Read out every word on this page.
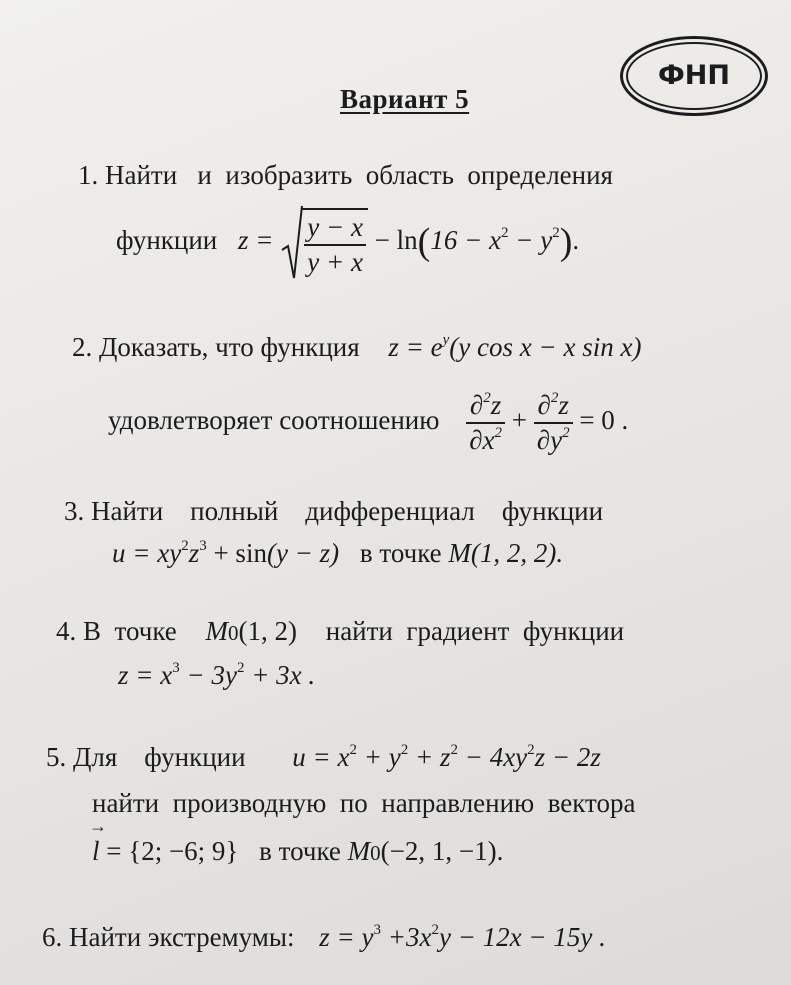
Вариант 5
ФНП
1. Найти   и  изобразить  область  определения
функции $z = \frac{y - x}{y + x} - \ln(16 - x^2 - y^2)$.
2. Доказать, что функция $z = e^y(y$ cos x − x sin x)
удовлетворяет соотношению $\frac{\partial^2z}{\partial x^2} + \frac{\partial^2z}{\partial y^2} = 0$ .
3. Найти    полный    дифференциал    функции
$u = xy^2z^3 + \sin(y - z)$ в точке M(1, 2, 2).
4. В  точке M0(1, 2) найти  градиент  функции
$z = x^3 - 3y^2 + 3x$ .
5. Для    функции $u = x^2 + y^2 + z^2 - 4xy^2z - 2z$
найти  производную  по  направлению  вектора
→ l = {2; −6; 9} в точке M0(−2, 1, −1).
6. Найти экстремумы: $z = y^3 +3x^2y - 12x - 15y$ .
